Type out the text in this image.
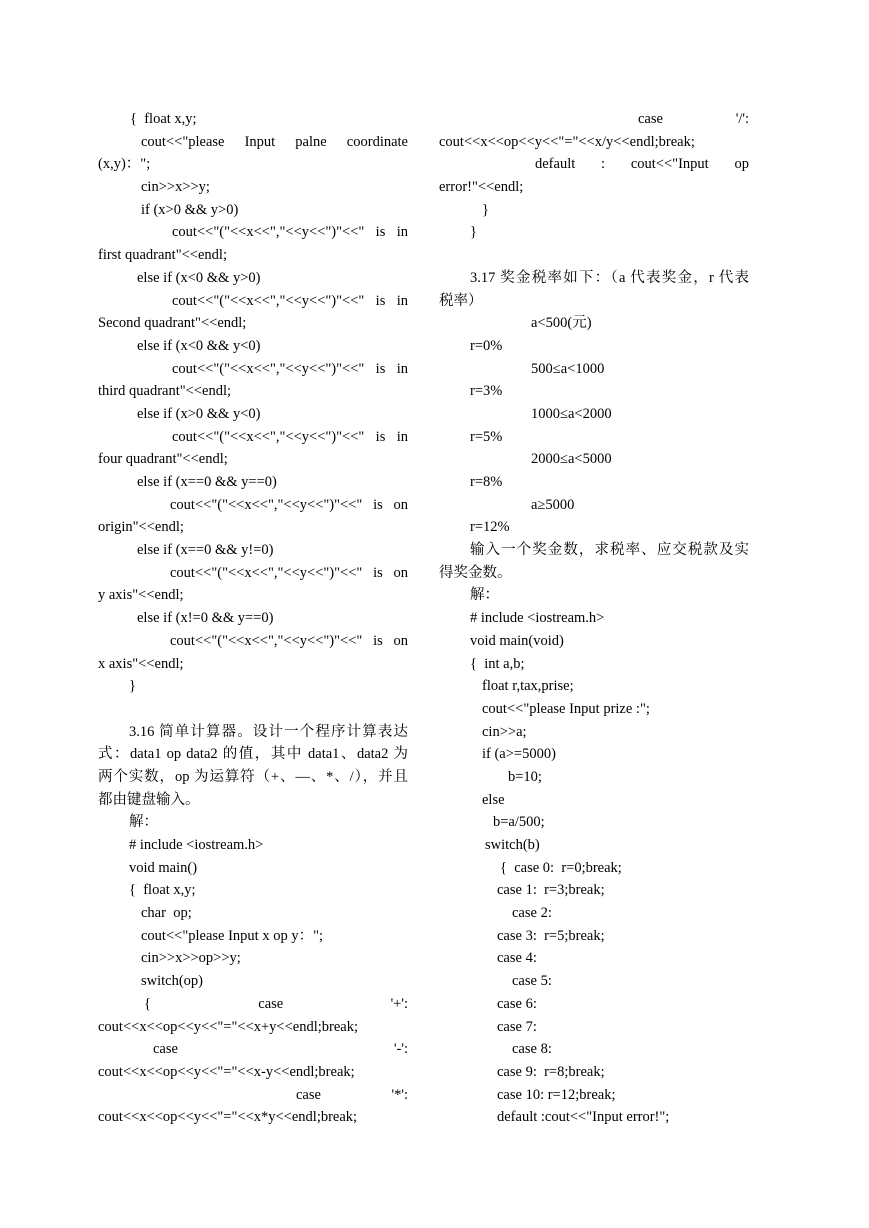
{  float x,y;
cout<<"please Input palne coordinate
(x,y)：";
cin>>x>>y;
if (x>0 && y>0)
cout<<"("<<x<<","<<y<<")"<<" is in
first quadrant"<<endl;
else if (x<0 && y>0)
cout<<"("<<x<<","<<y<<")"<<" is in
Second quadrant"<<endl;
else if (x<0 && y<0)
cout<<"("<<x<<","<<y<<")"<<" is in
third quadrant"<<endl;
else if (x>0 && y<0)
cout<<"("<<x<<","<<y<<")"<<" is in
four quadrant"<<endl;
else if (x==0 && y==0)
cout<<"("<<x<<","<<y<<")"<<" is on
origin"<<endl;
else if (x==0 && y!=0)
cout<<"("<<x<<","<<y<<")"<<" is on
y axis"<<endl;
else if (x!=0 && y==0)
cout<<"("<<x<<","<<y<<")"<<" is on
x axis"<<endl;
}
3.16 简单计算器。设计一个程序计算表达
式：data1 op data2 的值，其中 data1、data2 为
两个实数，op 为运算符（+、—、*、/），并且
都由键盘输入。
解：
# include <iostream.h>
void main()
{  float x,y;
char  op;
cout<<"please Input x op y：";
cin>>x>>op>>y;
switch(op)
{ case '+':
cout<<x<<op<<y<<"="<<x+y<<endl;break;
case '-':
cout<<x<<op<<y<<"="<<x-y<<endl;break;
case '*':
cout<<x<<op<<y<<"="<<x*y<<endl;break;
case '/':
cout<<x<<op<<y<<"="<<x/y<<endl;break;
default : cout<<"Input op
error!"<<endl;
}
}
3.17 奖金税率如下：（a 代表奖金，r 代表
税率）
a<500(元)
r=0%
500≤a<1000
r=3%
1000≤a<2000
r=5%
2000≤a<5000
r=8%
a≥5000
r=12%
输入一个奖金数，求税率、应交税款及实
得奖金数。
解：
# include <iostream.h>
void main(void)
{  int a,b;
float r,tax,prise;
cout<<"please Input prize :";
cin>>a;
if (a>=5000)
b=10;
else
b=a/500;
switch(b)
{  case 0:  r=0;break;
case 1:  r=3;break;
case 2:
case 3:  r=5;break;
case 4:
case 5:
case 6:
case 7:
case 8:
case 9:  r=8;break;
case 10: r=12;break;
default :cout<<"Input error!";
